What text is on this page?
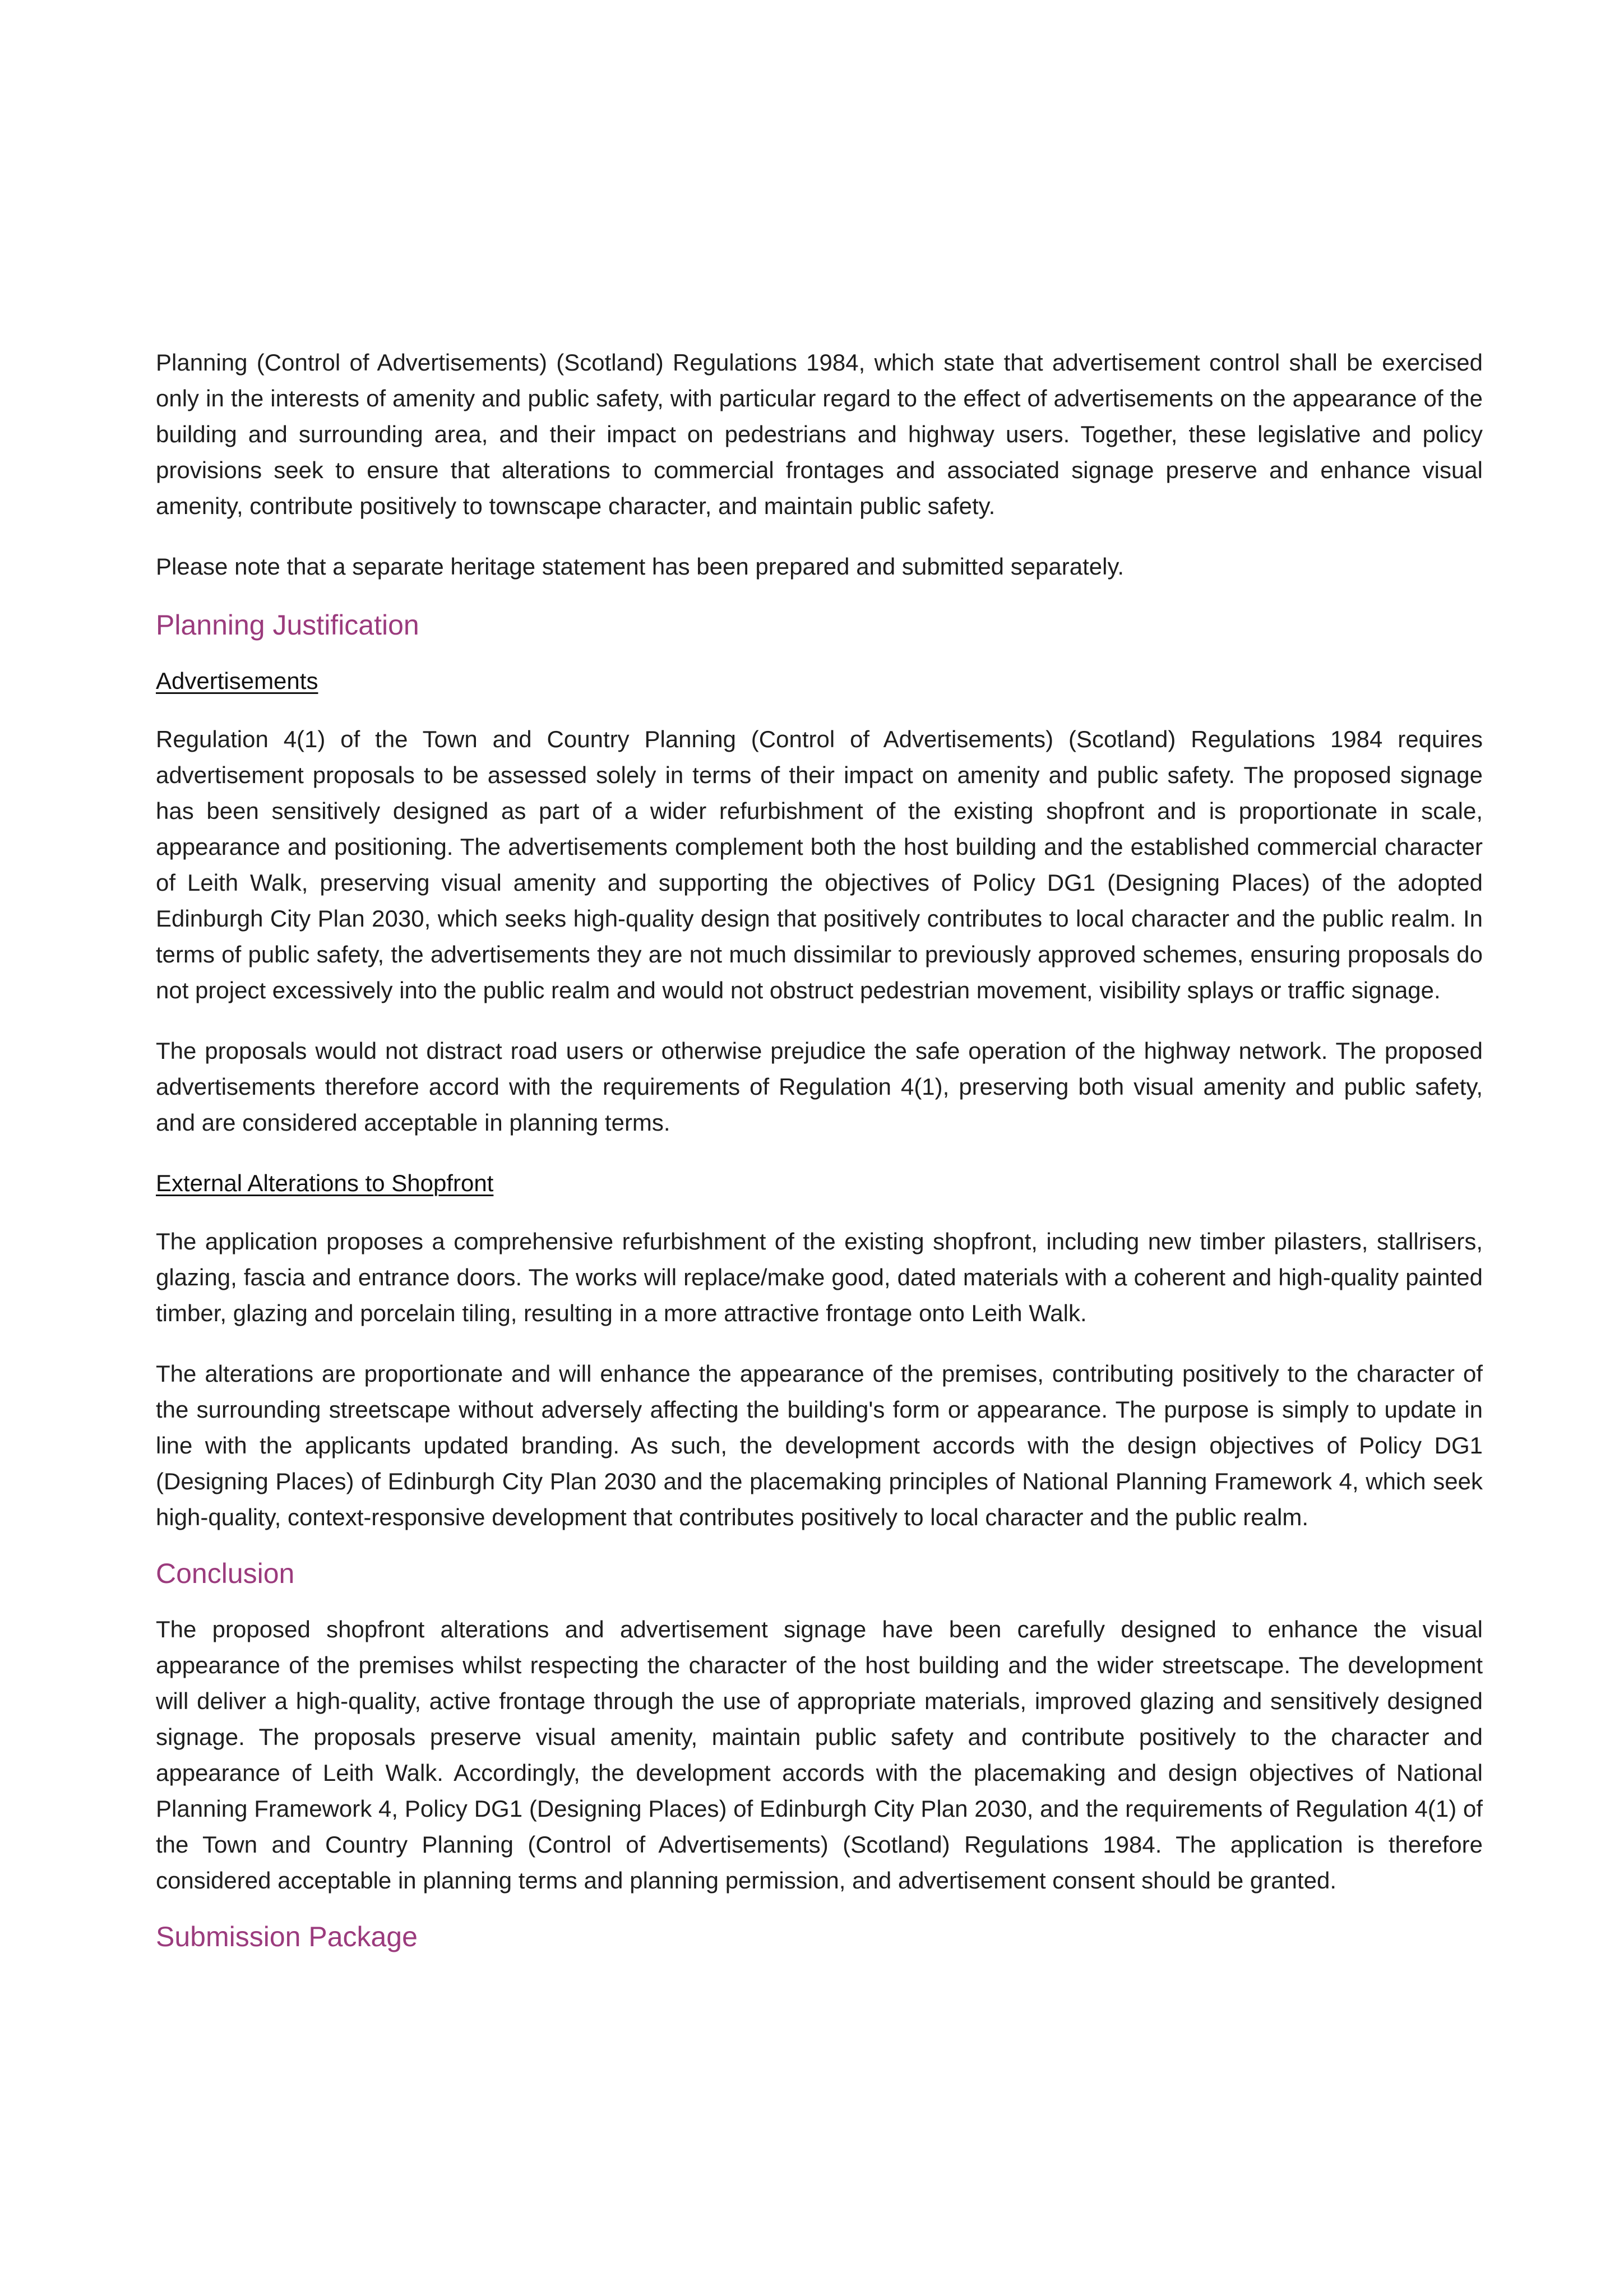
Planning (Control of Advertisements) (Scotland) Regulations 1984, which state that advertisement control shall be exercised only in the interests of amenity and public safety, with particular regard to the effect of advertisements on the appearance of the building and surrounding area, and their impact on pedestrians and highway users. Together, these legislative and policy provisions seek to ensure that alterations to commercial frontages and associated signage preserve and enhance visual amenity, contribute positively to townscape character, and maintain public safety.

Please note that a separate heritage statement has been prepared and submitted separately.

Planning Justification
Advertisements

Regulation 4(1) of the Town and Country Planning (Control of Advertisements) (Scotland) Regulations 1984 requires advertisement proposals to be assessed solely in terms of their impact on amenity and public safety. The proposed signage has been sensitively designed as part of a wider refurbishment of the existing shopfront and is proportionate in scale, appearance and positioning. The advertisements complement both the host building and the established commercial character of Leith Walk, preserving visual amenity and supporting the objectives of Policy DG1 (Designing Places) of the adopted Edinburgh City Plan 2030, which seeks high-quality design that positively contributes to local character and the public realm. In terms of public safety, the advertisements they are not much dissimilar to previously approved schemes, ensuring proposals do not project excessively into the public realm and would not obstruct pedestrian movement, visibility splays or traffic signage.

The proposals would not distract road users or otherwise prejudice the safe operation of the highway network. The proposed advertisements therefore accord with the requirements of Regulation 4(1), preserving both visual amenity and public safety, and are considered acceptable in planning terms.

External Alterations to Shopfront

The application proposes a comprehensive refurbishment of the existing shopfront, including new timber pilasters, stallrisers, glazing, fascia and entrance doors. The works will replace/make good, dated materials with a coherent and high-quality painted timber, glazing and porcelain tiling, resulting in a more attractive frontage onto Leith Walk.

The alterations are proportionate and will enhance the appearance of the premises, contributing positively to the character of the surrounding streetscape without adversely affecting the building's form or appearance. The purpose is simply to update in line with the applicants updated branding. As such, the development accords with the design objectives of Policy DG1 (Designing Places) of Edinburgh City Plan 2030 and the placemaking principles of National Planning Framework 4, which seek high-quality, context-responsive development that contributes positively to local character and the public realm.

Conclusion

The proposed shopfront alterations and advertisement signage have been carefully designed to enhance the visual appearance of the premises whilst respecting the character of the host building and the wider streetscape. The development will deliver a high-quality, active frontage through the use of appropriate materials, improved glazing and sensitively designed signage. The proposals preserve visual amenity, maintain public safety and contribute positively to the character and appearance of Leith Walk. Accordingly, the development accords with the placemaking and design objectives of National Planning Framework 4, Policy DG1 (Designing Places) of Edinburgh City Plan 2030, and the requirements of Regulation 4(1) of the Town and Country Planning (Control of Advertisements) (Scotland) Regulations 1984. The application is therefore considered acceptable in planning terms and planning permission, and advertisement consent should be granted.

Submission Package
